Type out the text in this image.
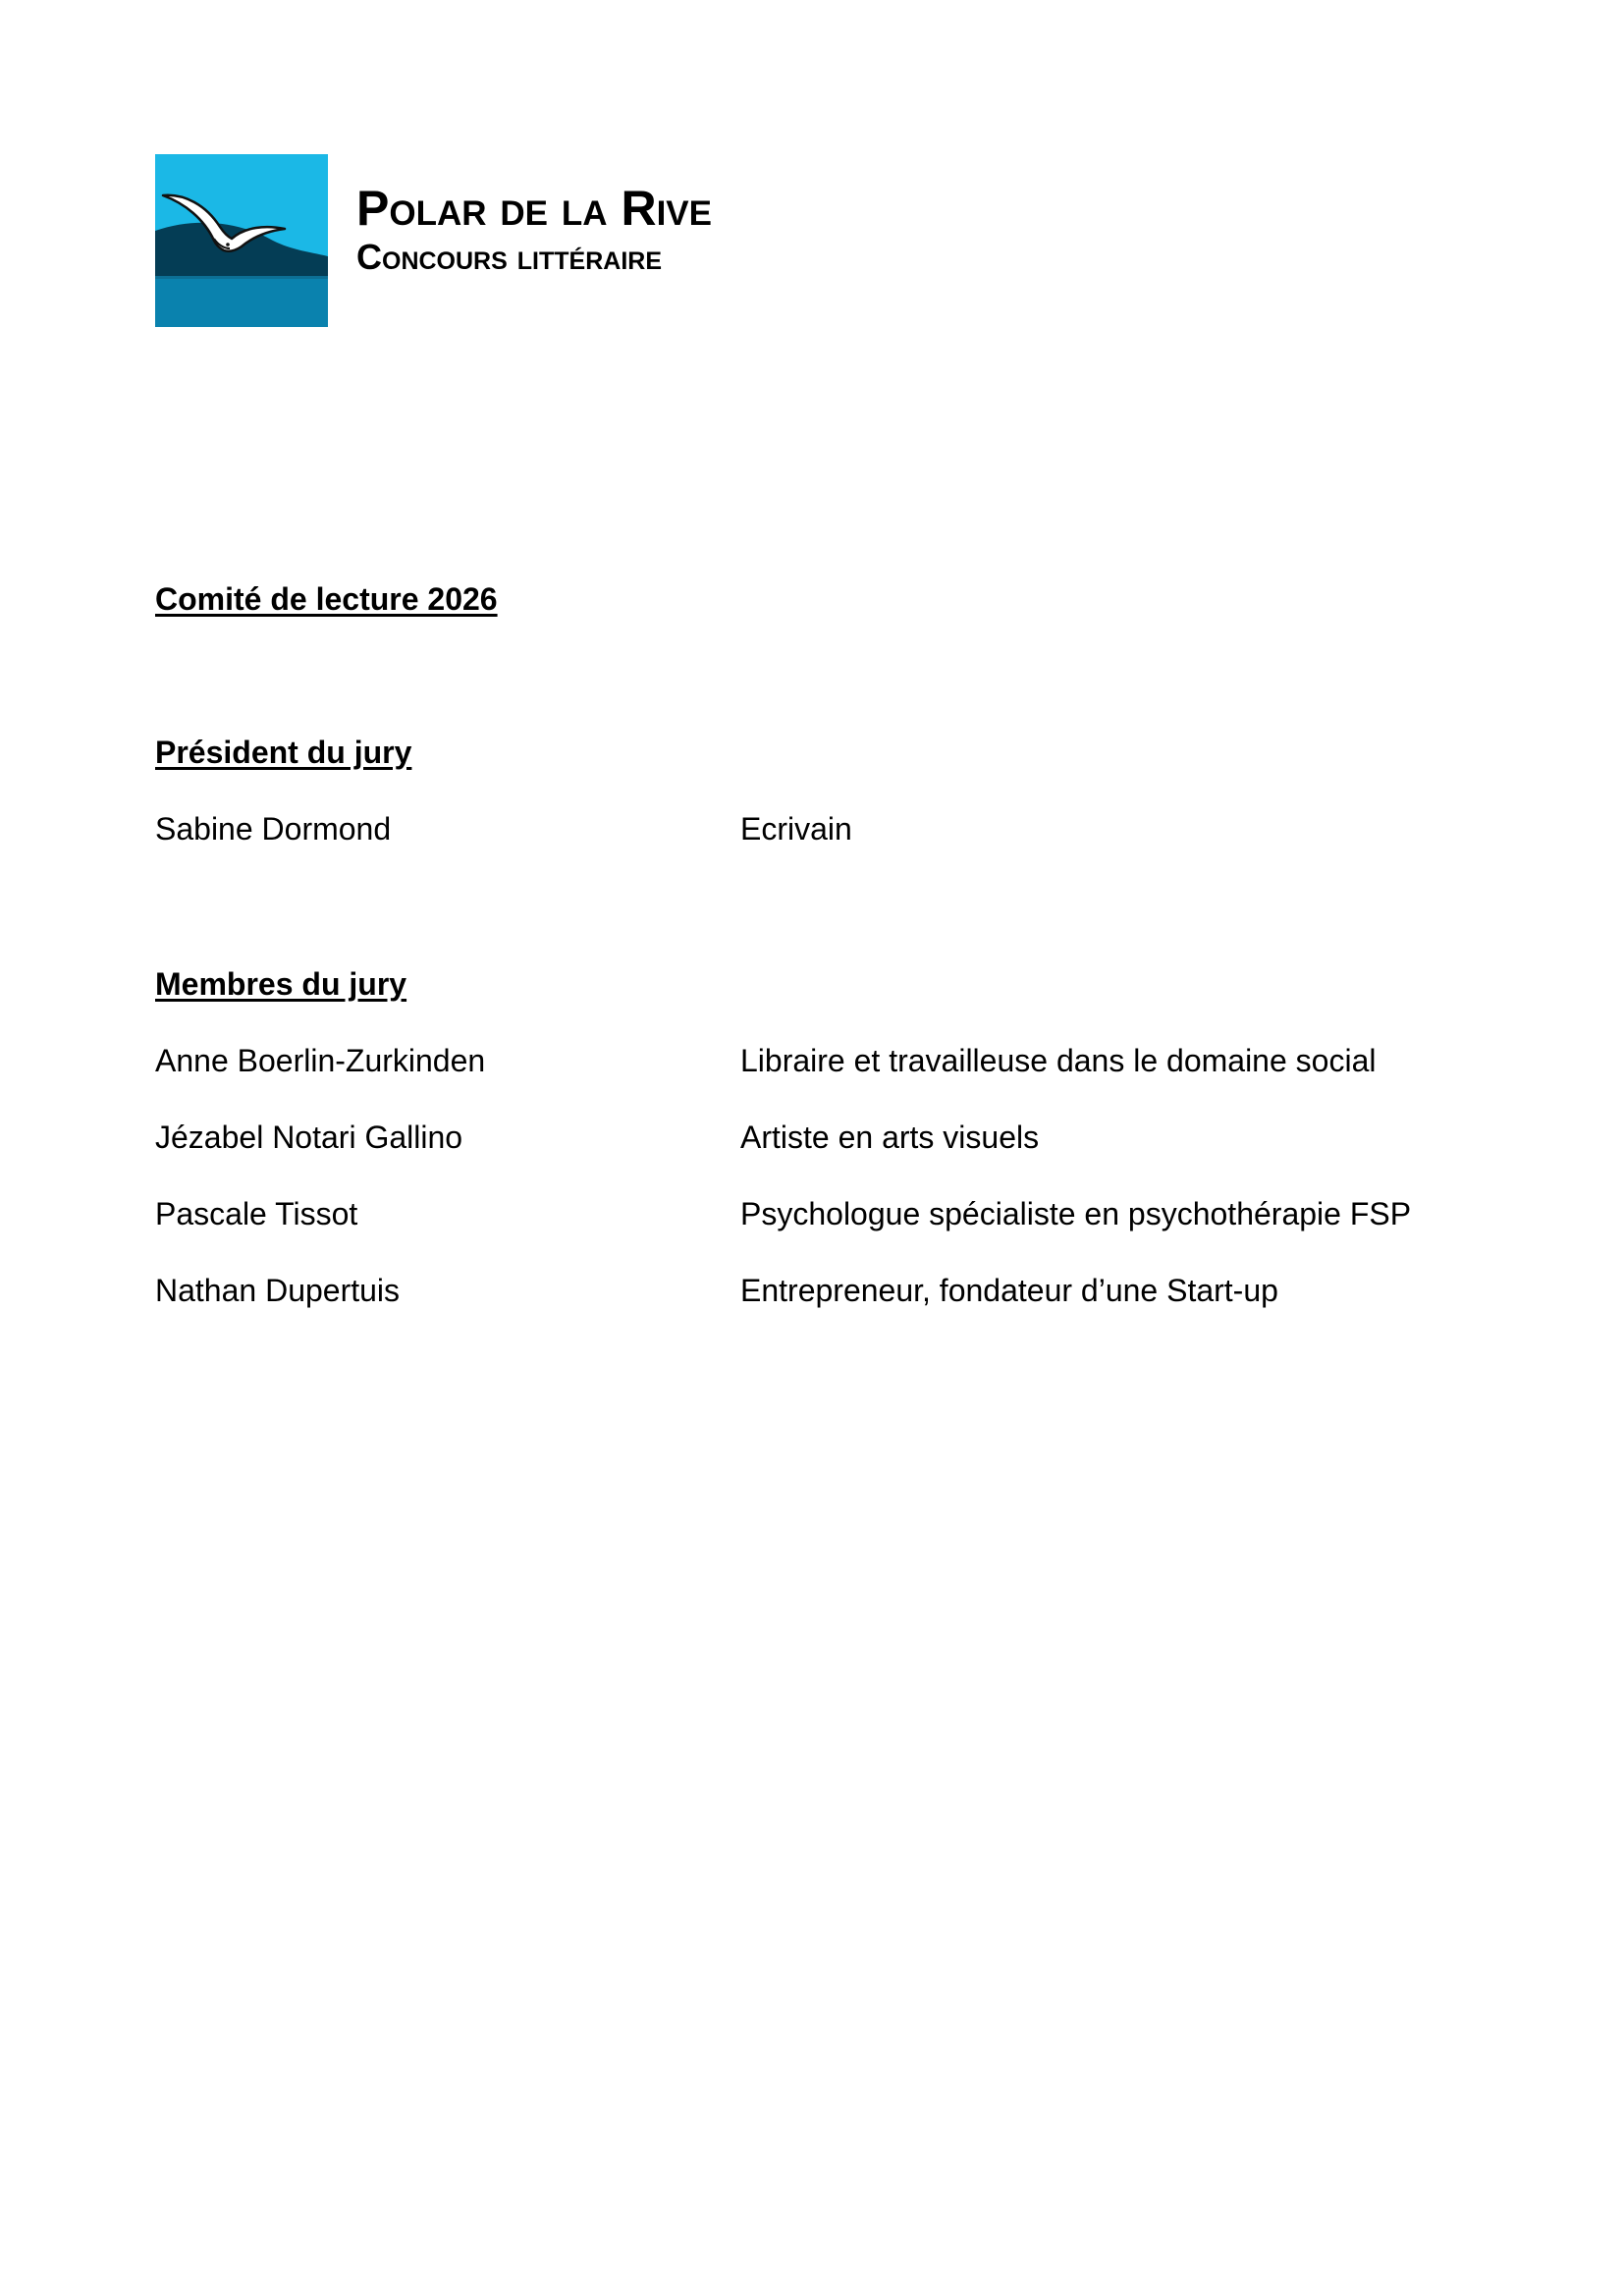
Polar de la Rive
Concours littéraire
Comité de lecture 2026
Président du jury
Sabine Dormond	Ecrivain
Membres du jury
Anne Boerlin-Zurkinden	Libraire et travailleuse dans le domaine social
Jézabel Notari Gallino	Artiste en arts visuels
Pascale Tissot	Psychologue spécialiste en psychothérapie FSP
Nathan Dupertuis	Entrepreneur, fondateur d’une Start-up
